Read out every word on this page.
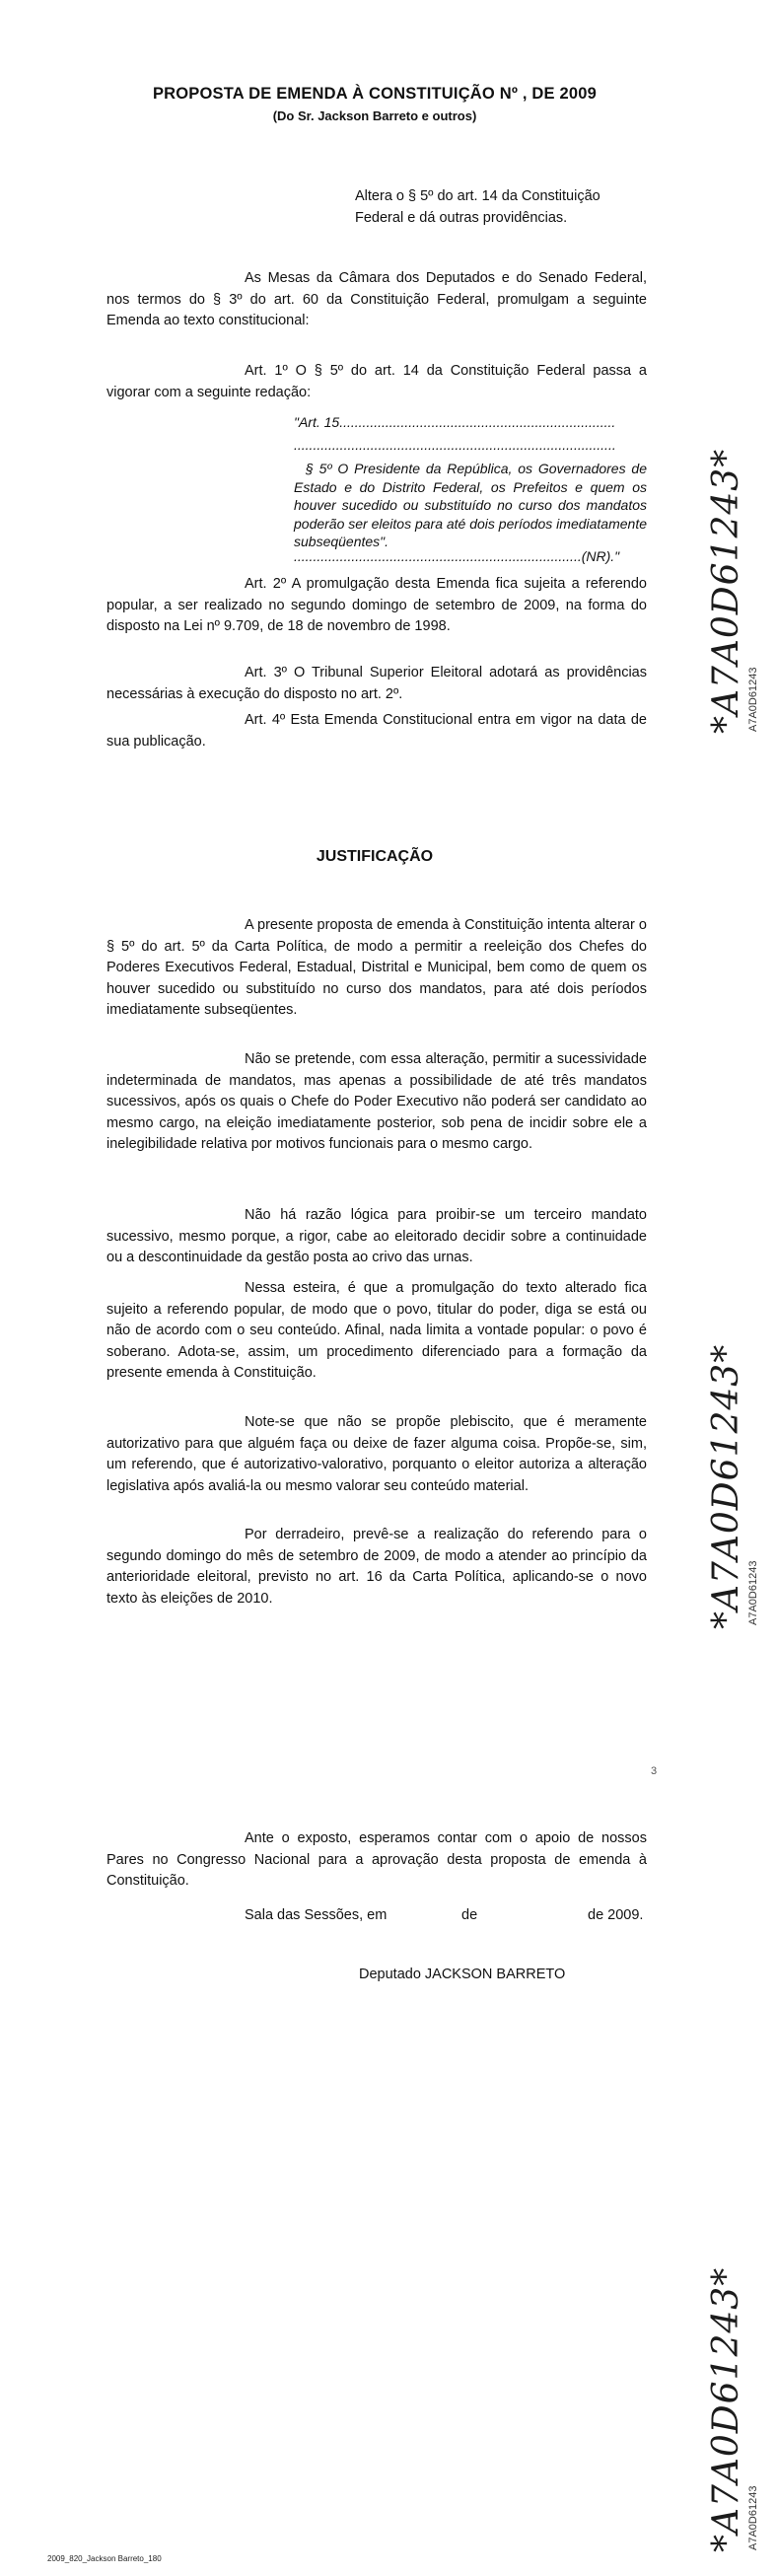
PROPOSTA DE EMENDA À CONSTITUIÇÃO Nº , DE 2009
(Do Sr. Jackson Barreto e outros)
Altera o § 5º do art. 14 da Constituição Federal e dá outras providências.

As Mesas da Câmara dos Deputados e do Senado Federal, nos termos do § 3º do art. 60 da Constituição Federal, promulgam a seguinte Emenda ao texto constitucional:

Art. 1º O § 5º do art. 14 da Constituição Federal passa a vigorar com a seguinte redação:

"Art. 15........................................................................
....................................................................................
§ 5º O Presidente da República, os Governadores de Estado e do Distrito Federal, os Prefeitos e quem os houver sucedido ou substituído no curso dos mandatos poderão ser eleitos para até dois períodos imediatamente subseqüentes".
...........................................................................(NR)."

Art. 2º A promulgação desta Emenda fica sujeita a referendo popular, a ser realizado no segundo domingo de setembro de 2009, na forma do disposto na Lei nº 9.709, de 18 de novembro de 1998.

Art. 3º O Tribunal Superior Eleitoral adotará as providências necessárias à execução do disposto no art. 2º.

Art. 4º Esta Emenda Constitucional entra em vigor na data de sua publicação.

JUSTIFICAÇÃO

A presente proposta de emenda à Constituição intenta alterar o § 5º do art. 5º da Carta Política, de modo a permitir a reeleição dos Chefes do Poderes Executivos Federal, Estadual, Distrital e Municipal, bem como de quem os houver sucedido ou substituído no curso dos mandatos, para até dois períodos imediatamente subseqüentes.

Não se pretende, com essa alteração, permitir a sucessividade indeterminada de mandatos, mas apenas a possibilidade de até três mandatos sucessivos, após os quais o Chefe do Poder Executivo não poderá ser candidato ao mesmo cargo, na eleição imediatamente posterior, sob pena de incidir sobre ele a inelegibilidade relativa por motivos funcionais para o mesmo cargo.

Não há razão lógica para proibir-se um terceiro mandato sucessivo, mesmo porque, a rigor, cabe ao eleitorado decidir sobre a continuidade ou a descontinuidade da gestão posta ao crivo das urnas.

Nessa esteira, é que a promulgação do texto alterado fica sujeito a referendo popular, de modo que o povo, titular do poder, diga se está ou não de acordo com o seu conteúdo. Afinal, nada limita a vontade popular: o povo é soberano. Adota-se, assim, um procedimento diferenciado para a formação da presente emenda à Constituição.

Note-se que não se propõe plebiscito, que é meramente autorizativo para que alguém faça ou deixe de fazer alguma coisa. Propõe-se, sim, um referendo, que é autorizativo-valorativo, porquanto o eleitor autoriza a alteração legislativa após avaliá-la ou mesmo valorar seu conteúdo material.

Por derradeiro, prevê-se a realização do referendo para o segundo domingo do mês de setembro de 2009, de modo a atender ao princípio da anterioridade eleitoral, previsto no art. 16 da Carta Política, aplicando-se o novo texto às eleições de 2010.

3

Ante o exposto, esperamos contar com o apoio de nossos Pares no Congresso Nacional para a aprovação desta proposta de emenda à Constituição.

Sala das Sessões, em	de	de 2009.
Deputado JACKSON BARRETO
2009_820_Jackson Barreto_180
*A7A0D61243* A7A0D61243
*A7A0D61243* A7A0D61243
*A7A0D61243* A7A0D61243
